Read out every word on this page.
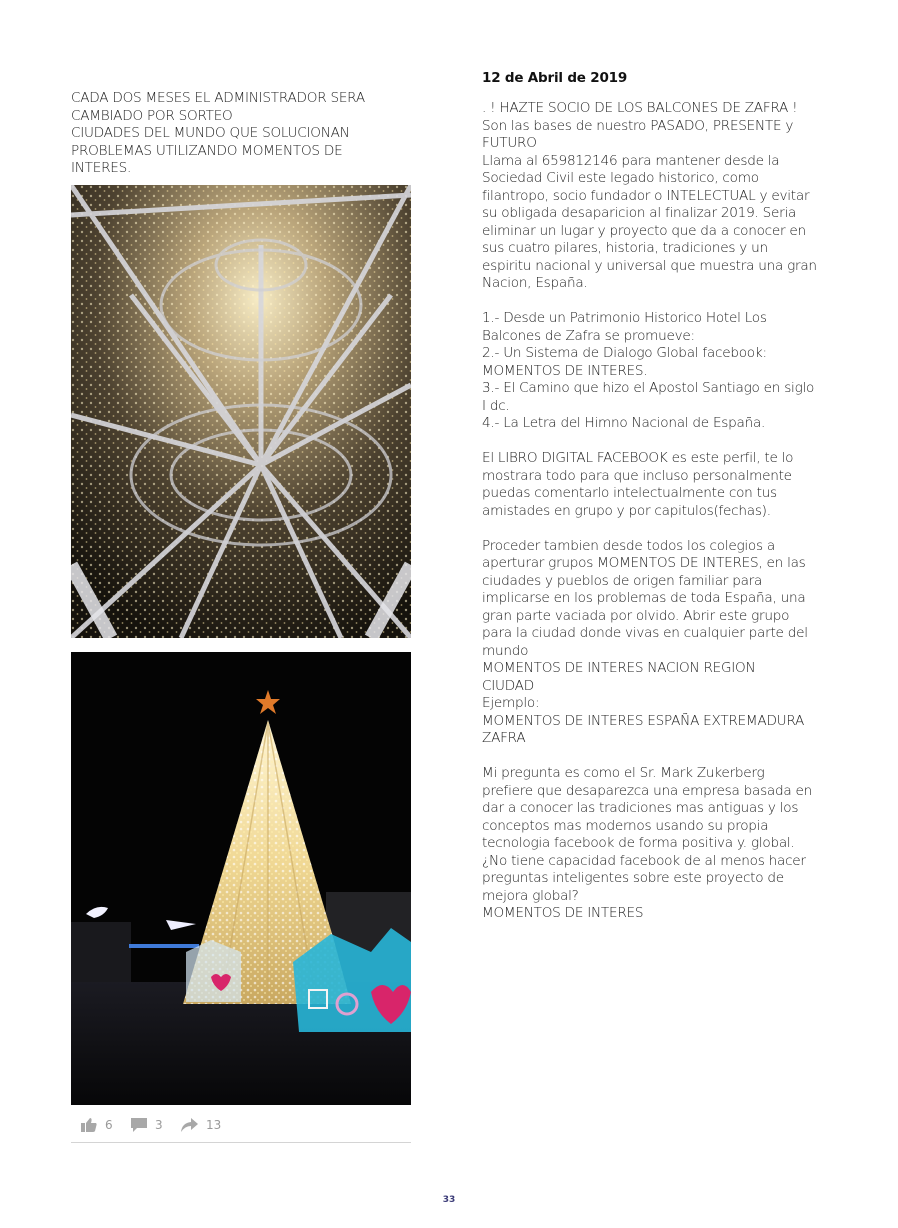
CADA DOS MESES EL ADMINISTRADOR SERA
CAMBIADO POR SORTEO
CIUDADES DEL MUNDO QUE SOLUCIONAN
PROBLEMAS UTILIZANDO MOMENTOS DE
INTERES.
6	3	13
12 de Abril de 2019
. ! HAZTE SOCIO DE LOS BALCONES DE ZAFRA !
Son las bases de nuestro PASADO, PRESENTE y
FUTURO
Llama al 659812146 para mantener desde la
Sociedad Civil este legado historico, como
filantropo, socio fundador o INTELECTUAL y evitar
su obligada desaparicion al finalizar 2019. Seria
eliminar un lugar y proyecto que da a conocer en
sus cuatro pilares, historia, tradiciones y un
espiritu nacional y universal que muestra una gran
Nacion, España.
1.- Desde un Patrimonio Historico Hotel Los
Balcones de Zafra se promueve:
2.- Un Sistema de Dialogo Global facebook:
MOMENTOS DE INTERES.
3.- El Camino que hizo el Apostol Santiago en siglo
I dc.
4.- La Letra del Himno Nacional de España.
El LIBRO DIGITAL FACEBOOK es este perfil, te lo
mostrara todo para que incluso personalmente
puedas comentarlo intelectualmente con tus
amistades en grupo y por capitulos(fechas).
Proceder tambien desde todos los colegios a
aperturar grupos MOMENTOS DE INTERES, en las
ciudades y pueblos de origen familiar para
implicarse en los problemas de toda España, una
gran parte vaciada por olvido. Abrir este grupo
para la ciudad donde vivas en cualquier parte del
mundo
MOMENTOS DE INTERES NACION REGION
CIUDAD
Ejemplo:
MOMENTOS DE INTERES ESPAÑA EXTREMADURA
ZAFRA
Mi pregunta es como el Sr. Mark Zukerberg
prefiere que desaparezca una empresa basada en
dar a conocer las tradiciones mas antiguas y los
conceptos mas modernos usando su propia
tecnologia facebook de forma positiva y. global.
¿No tiene capacidad facebook de al menos hacer
preguntas inteligentes sobre este proyecto de
mejora global?
MOMENTOS DE INTERES
33
